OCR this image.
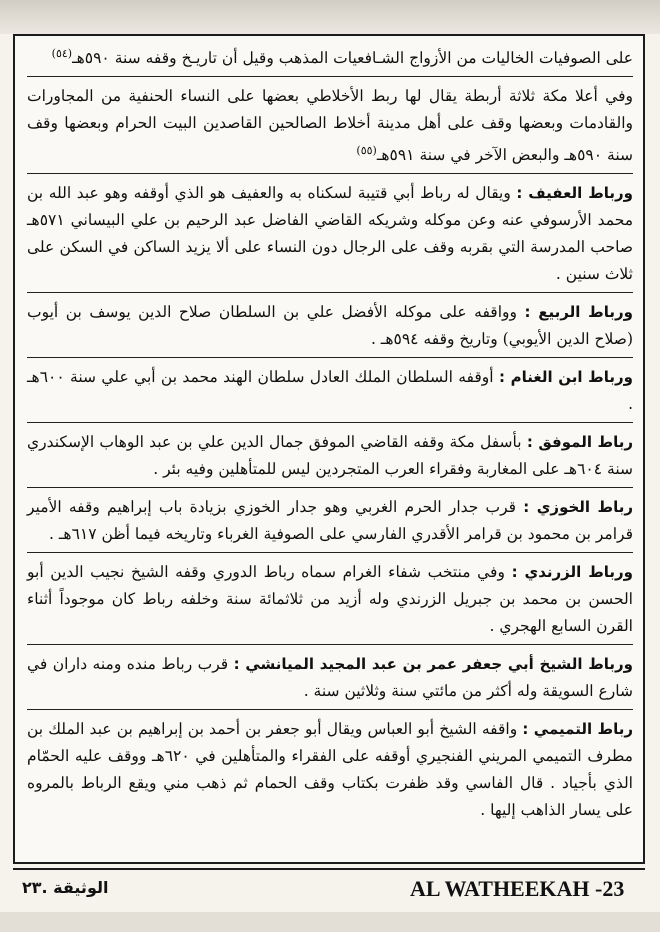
على الصوفيات الخاليات من الأزواج الشـافعيات المذهب وقيل أن تاريـخ وقفه سنة ٥٩٠هـ$^{(٥٤)}$

وفي أعلا مكة ثلاثة أربطة يقال لها ربط الأخلاطي بعضها على النساء الحنفية من المجاورات والقادمات وبعضها وقف على أهل مدينة أخلاط الصالحين القاصدين البيت الحرام وبعضها وقف سنة ٥٩٠هـ والبعض الآخر في سنة ٥٩١هـ$^{(٥٥)}$

ورباط العفيف : ويقال له رباط أبي قتيبة لسكناه به والعفيف هو الذي أوقفه وهو عبد الله بن محمد الأرسوفي عنه وعن موكله وشريكه القاضي الفاضل عبد الرحيم بن علي البيساني ٥٧١هـ صاحب المدرسة التي بقربه وقف على الرجال دون النساء على ألا يزيد الساكن في السكن على ثلاث سنين .

ورباط الربيع : وواقفه على موكله الأفضل علي بن السلطان صلاح الدين يوسف بن أيوب (صلاح الدين الأيوبي) وتاريخ وقفه ٥٩٤هـ .

ورباط ابن الغنام : أوقفه السلطان الملك العادل سلطان الهند محمد بن أبي علي سنة ٦٠٠هـ .

رباط الموفق : بأسفل مكة وقفه القاضي الموفق جمال الدين علي بن عبد الوهاب الإسكندري سنة ٦٠٤هـ على المغاربة وفقراء العرب المتجردين ليس للمتأهلين وفيه بئر .

رباط الخوزي : قرب جدار الحرم الغربي وهو جدار الخوزي بزيادة باب إبراهيم وقفه الأمير قرامر بن محمود بن قرامر الأقدري الفارسي على الصوفية الغرباء وتاريخه فيما أظن ٦١٧هـ .

ورباط الزرندي : وفي منتخب شفاء الغرام سماه رباط الدوري وقفه الشيخ نجيب الدين أبو الحسن بن محمد بن جبريل الزرندي وله أزيد من ثلاثمائة سنة وخلفه رباط كان موجوداً أثناء القرن السابع الهجري .

ورباط الشيخ أبي جعفر عمر بن عبد المجيد الميانشي : قرب رباط منده ومنه داران في شارع السويقة وله أكثر من مائتي سنة وثلاثين سنة .

رباط التميمي : واقفه الشيخ أبو العباس ويقال أبو جعفر بن أحمد بن إبراهيم بن عبد الملك بن مطرف التميمي المريني الفنجيري أوقفه على الفقراء والمتأهلين في ٦٢٠هـ ووقف عليه الحمّام الذي بأجياد . قال الفاسي وقد ظفرت بكتاب وقف الحمام ثم ذهب مني ويقع الرباط بالمروه على يسار الذاهب إليها .

AL WATHEEKAH -23
الوثيقة .٢٣
